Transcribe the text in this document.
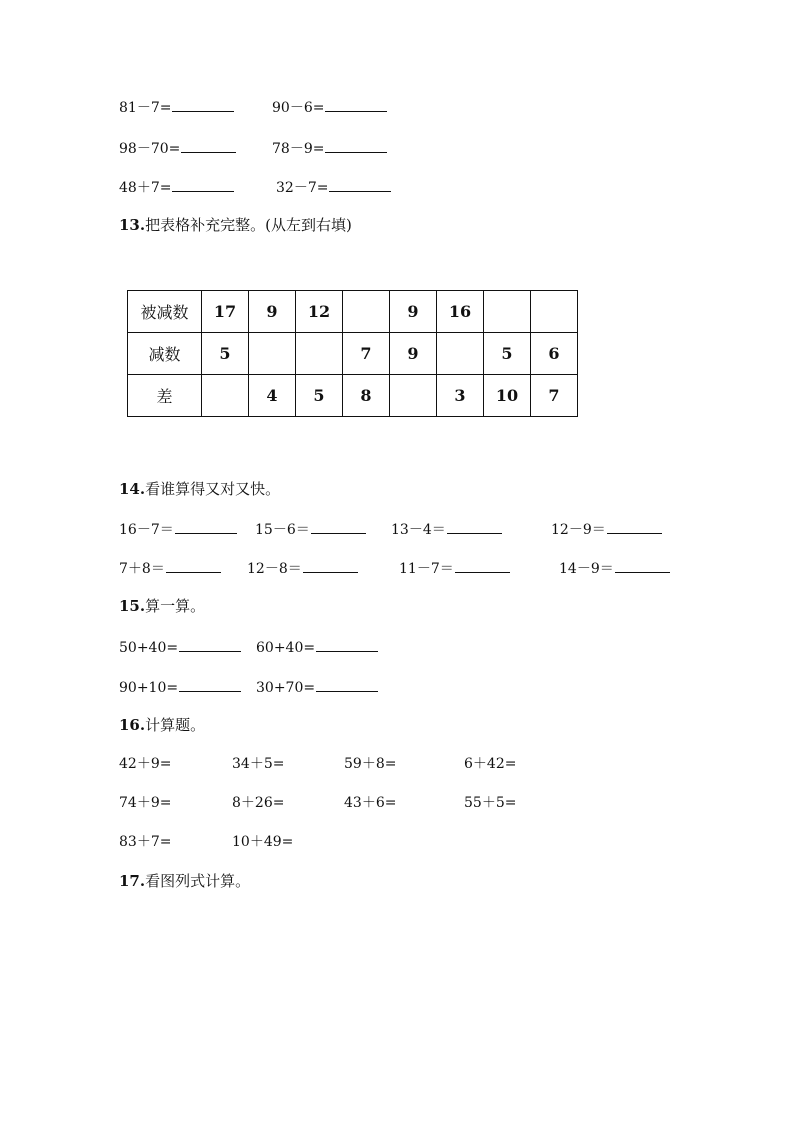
81－7=	90－6=
98－70=	78－9=
48＋7=	32－7=
13.把表格补充完整。(从左到右填)
被减数	17	9	12		9	16		
减数	5			7	9		5	6
差		4	5	8		3	10	7
14.看谁算得又对又快。
16－7＝	15－6＝	13－4＝	12－9＝
7＋8＝	12－8＝	11－7＝	14－9＝
15.算一算。
50+40=	60+40=
90+10=	30+70=
16.计算题。
42＋9=	34＋5=	59＋8=	6＋42=
74＋9=	8＋26=	43＋6=	55＋5=
83＋7=	10＋49=
17.看图列式计算。
